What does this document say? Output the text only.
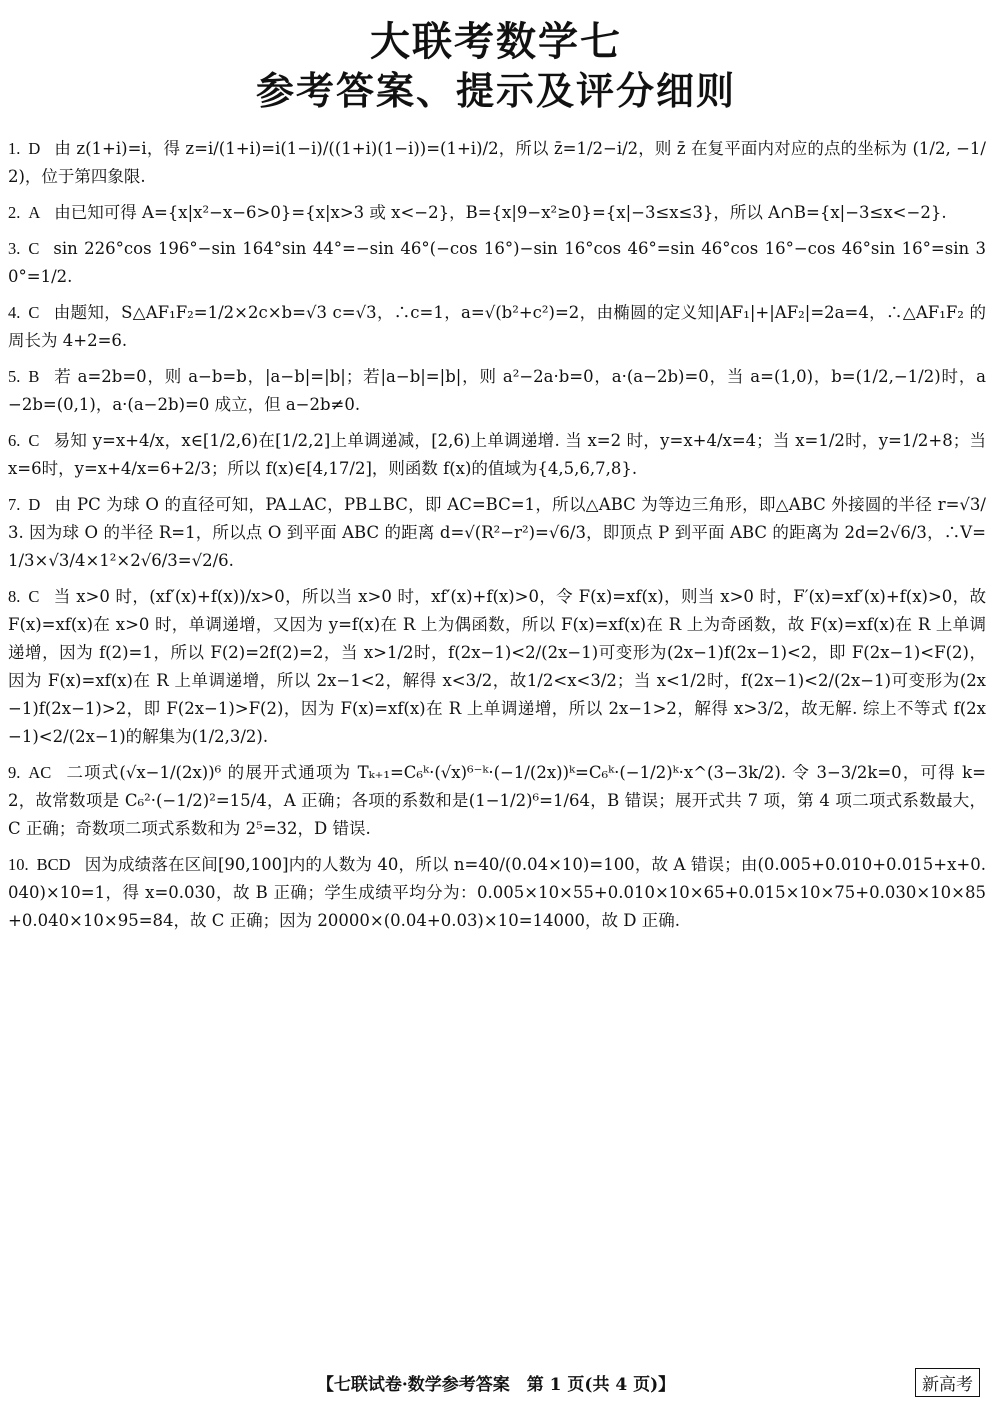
大联考数学七
参考答案、提示及评分细则
1. D 由 z(1+i)=i，得 z=i/(1+i)=i(1−i)/((1+i)(1−i))=(1+i)/2，所以 z̄=1/2−i/2，则 z̄ 在复平面内对应的点的坐标为 (1/2, −1/2)，位于第四象限.
2. A 由已知可得 A={x|x²−x−6>0}={x|x>3 或 x<−2}，B={x|9−x²≥0}={x|−3≤x≤3}，所以 A∩B={x|−3≤x<−2}.
3. C sin 226°cos 196°−sin 164°sin 44°=−sin 46°(−cos 16°)−sin 16°cos 46°=sin 46°cos 16°−cos 46°sin 16°=sin 30°=1/2.
4. C 由题知，S△AF₁F₂=1/2×2c×b=√3 c=√3，∴c=1，a=√(b²+c²)=2，由椭圆的定义知|AF₁|+|AF₂|=2a=4，∴△AF₁F₂ 的周长为 4+2=6.
5. B 若 a=2b=0，则 a−b=b，|a−b|=|b|；若|a−b|=|b|，则 a²−2a·b=0，a·(a−2b)=0，当 a=(1,0)，b=(1/2,−1/2)时，a−2b=(0,1)，a·(a−2b)=0 成立，但 a−2b≠0.
6. C 易知 y=x+4/x，x∈[1/2,6)在[1/2,2]上单调递减，[2,6)上单调递增. 当 x=2 时，y=x+4/x=4；当 x=1/2时，y=1/2+8；当 x=6时，y=x+4/x=6+2/3；所以 f(x)∈[4,17/2]，则函数 f(x)的值域为{4,5,6,7,8}.
7. D 由 PC 为球 O 的直径可知，PA⊥AC，PB⊥BC，即 AC=BC=1，所以△ABC 为等边三角形，即△ABC 外接圆的半径 r=√3/3. 因为球 O 的半径 R=1，所以点 O 到平面 ABC 的距离 d=√(R²−r²)=√6/3，即顶点 P 到平面 ABC 的距离为 2d=2√6/3，∴V=1/3×√3/4×1²×2√6/3=√2/6.
8. C 当 x>0 时，(xf′(x)+f(x))/x>0，所以当 x>0 时，xf′(x)+f(x)>0，令 F(x)=xf(x)，则当 x>0 时，F′(x)=xf′(x)+f(x)>0，故 F(x)=xf(x)在 x>0 时，单调递增，又因为 y=f(x)在 R 上为偶函数，所以 F(x)=xf(x)在 R 上为奇函数，故 F(x)=xf(x)在 R 上单调递增，因为 f(2)=1，所以 F(2)=2f(2)=2，当 x>1/2时，f(2x−1)<2/(2x−1)可变形为(2x−1)f(2x−1)<2，即 F(2x−1)<F(2)，因为 F(x)=xf(x)在 R 上单调递增，所以 2x−1<2，解得 x<3/2，故1/2<x<3/2；当 x<1/2时，f(2x−1)<2/(2x−1)可变形为(2x−1)f(2x−1)>2，即 F(2x−1)>F(2)，因为 F(x)=xf(x)在 R 上单调递增，所以 2x−1>2，解得 x>3/2，故无解. 综上不等式 f(2x−1)<2/(2x−1)的解集为(1/2,3/2).
9. AC 二项式(√x−1/(2x))⁶ 的展开式通项为 Tₖ₊₁=C₆ᵏ·(√x)⁶⁻ᵏ·(−1/(2x))ᵏ=C₆ᵏ·(−1/2)ᵏ·x^(3−3k/2). 令 3−3/2k=0，可得 k=2，故常数项是 C₆²·(−1/2)²=15/4，A 正确；各项的系数和是(1−1/2)⁶=1/64，B 错误；展开式共 7 项，第 4 项二项式系数最大，C 正确；奇数项二项式系数和为 2⁵=32，D 错误.
10. BCD 因为成绩落在区间[90,100]内的人数为 40，所以 n=40/(0.04×10)=100，故 A 错误；由(0.005+0.010+0.015+x+0.040)×10=1，得 x=0.030，故 B 正确；学生成绩平均分为：0.005×10×55+0.010×10×65+0.015×10×75+0.030×10×85+0.040×10×95=84，故 C 正确；因为 20000×(0.04+0.03)×10=14000，故 D 正确.
【七联试卷·数学参考答案　第 1 页(共 4 页)】	新高考
